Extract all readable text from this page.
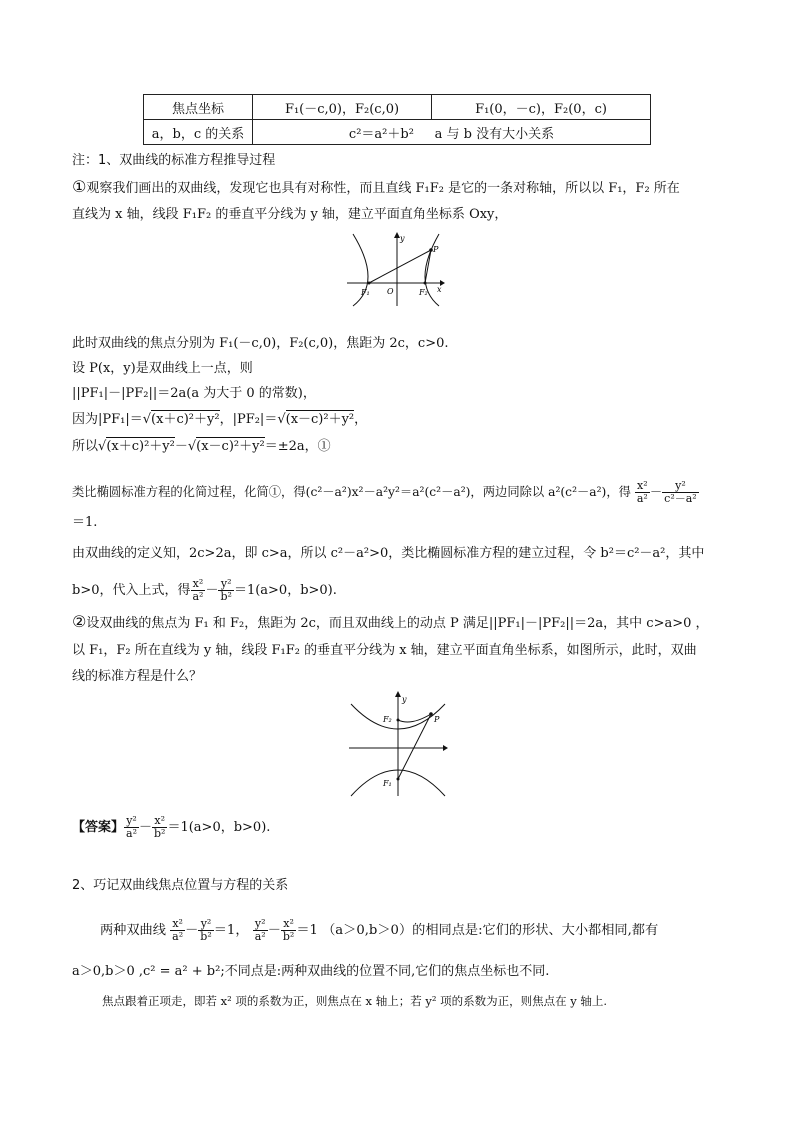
焦点坐标	F₁(－c,0)，F₂(c,0)	F₁(0，－c)，F₂(0，c)
a，b，c 的关系	c²＝a²＋b² a 与 b 没有大小关系	
注：1、双曲线的标准方程推导过程
①观察我们画出的双曲线，发现它也具有对称性，而且直线 F₁F₂ 是它的一条对称轴，所以以 F₁，F₂ 所在
直线为 x 轴，线段 F₁F₂ 的垂直平分线为 y 轴，建立平面直角坐标系 Oxy，
y
x
P
O
F₁	F₂
此时双曲线的焦点分别为 F₁(－c,0)，F₂(c,0)，焦距为 2c，c>0.
设 P(x，y)是双曲线上一点，则
||PF₁|－|PF₂||＝2a(a 为大于 0 的常数)，
因为|PF₁|＝√(x＋c)²＋y²，|PF₂|＝√(x－c)²＋y²，
所以√(x＋c)²＋y²－√(x－c)²＋y²＝±2a，①
类比椭圆标准方程的化简过程，化简①，得(c²－a²)x²－a²y²＝a²(c²－a²)，两边同除以 a²(c²－a²)，得 $\frac{\text{x²}}{\text{a²}} - \frac{\text{y²}}{\text{c²－a²}}$
＝1.
由双曲线的定义知，2c>2a，即 c>a，所以 c²－a²>0，类比椭圆标准方程的建立过程，令 b²＝c²－a²，其中
b>0，代入上式，得 $\frac{\text{x²}}{\text{a²}} - \frac{\text{y²}}{\text{b²}} =1(a>0$，b>0).
②设双曲线的焦点为 F₁ 和 F₂，焦距为 2c，而且双曲线上的动点 P 满足||PF₁|－|PF₂||＝2a，其中 c>a>0 ，
以 F₁，F₂ 所在直线为 y 轴，线段 F₁F₂ 的垂直平分线为 x 轴，建立平面直角坐标系，如图所示，此时，双曲
线的标准方程是什么？
y
P
F₂
F₁
【答案】 $\frac{\text{y²}}{\text{a²}} - \frac{\text{x²}}{\text{b²}} =1(a>0$，b>0).
2、巧记双曲线焦点位置与方程的关系
两种双曲线 $\frac{\text{x²}}{\text{a²}} - \frac{\text{y²}}{\text{b²}} =1$， $\frac{\text{y²}}{\text{a²}} - \frac{\text{x²}}{\text{b²}} =1$ （a＞0,b＞0）的相同点是:它们的形状、大小都相同,都有
a＞0,b＞0 ,c² = a² + b²;不同点是:两种双曲线的位置不同,它们的焦点坐标也不同.
焦点跟着正项走，即若 x² 项的系数为正，则焦点在 x 轴上；若 y² 项的系数为正，则焦点在 y 轴上.
